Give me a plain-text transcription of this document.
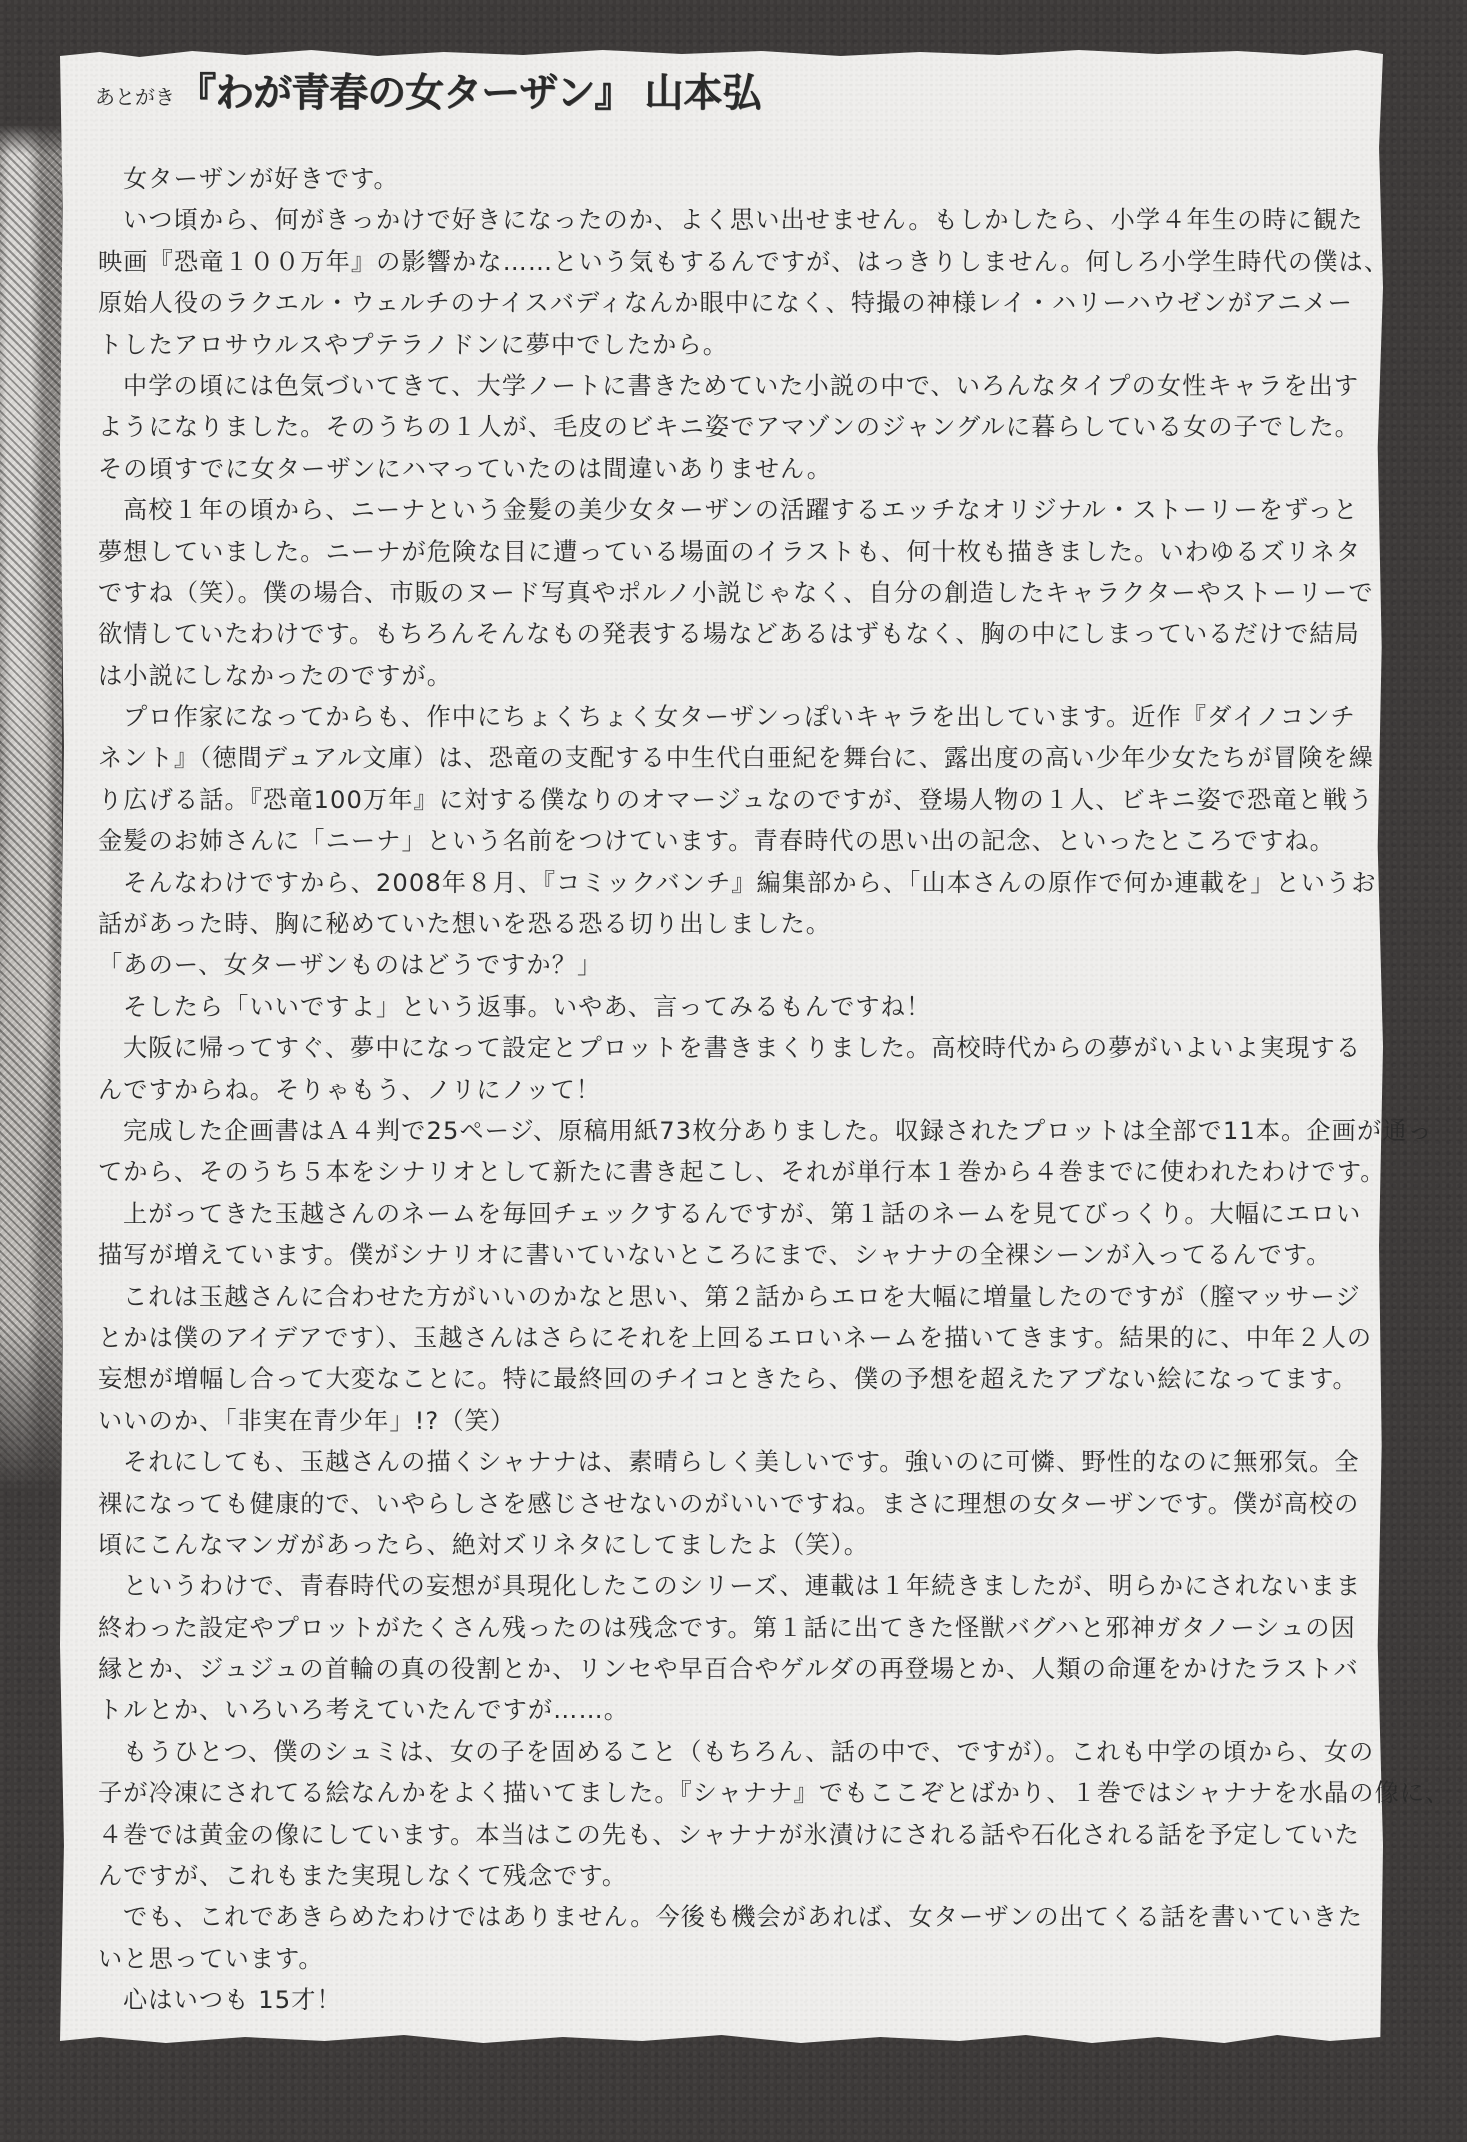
あとがき 『わが青春の女ターザン』 山本弘
女ターザンが好きです。
いつ頃から、何がきっかけで好きになったのか、よく思い出せません。もしかしたら、小学４年生の時に観た
映画『恐竜１００万年』の影響かな……という気もするんですが、はっきりしません。何しろ小学生時代の僕は、
原始人役のラクエル・ウェルチのナイスバディなんか眼中になく、特撮の神様レイ・ハリーハウゼンがアニメー
トしたアロサウルスやプテラノドンに夢中でしたから。
中学の頃には色気づいてきて、大学ノートに書きためていた小説の中で、いろんなタイプの女性キャラを出す
ようになりました。そのうちの１人が、毛皮のビキニ姿でアマゾンのジャングルに暮らしている女の子でした。
その頃すでに女ターザンにハマっていたのは間違いありません。
高校１年の頃から、ニーナという金髪の美少女ターザンの活躍するエッチなオリジナル・ストーリーをずっと
夢想していました。ニーナが危険な目に遭っている場面のイラストも、何十枚も描きました。いわゆるズリネタ
ですね（笑）。僕の場合、市販のヌード写真やポルノ小説じゃなく、自分の創造したキャラクターやストーリーで
欲情していたわけです。もちろんそんなもの発表する場などあるはずもなく、胸の中にしまっているだけで結局
は小説にしなかったのですが。
プロ作家になってからも、作中にちょくちょく女ターザンっぽいキャラを出しています。近作『ダイノコンチ
ネント』（徳間デュアル文庫）は、恐竜の支配する中生代白亜紀を舞台に、露出度の高い少年少女たちが冒険を繰
り広げる話。『恐竜100万年』に対する僕なりのオマージュなのですが、登場人物の１人、ビキニ姿で恐竜と戦う
金髪のお姉さんに「ニーナ」という名前をつけています。青春時代の思い出の記念、といったところですね。
そんなわけですから、2008年８月、『コミックバンチ』編集部から、「山本さんの原作で何か連載を」というお
話があった時、胸に秘めていた想いを恐る恐る切り出しました。
「あのー、女ターザンものはどうですか？」
そしたら「いいですよ」という返事。いやあ、言ってみるもんですね！
大阪に帰ってすぐ、夢中になって設定とプロットを書きまくりました。高校時代からの夢がいよいよ実現する
んですからね。そりゃもう、ノリにノッて！
完成した企画書はＡ４判で25ページ、原稿用紙73枚分ありました。収録されたプロットは全部で11本。企画が通っ
てから、そのうち５本をシナリオとして新たに書き起こし、それが単行本１巻から４巻までに使われたわけです。
上がってきた玉越さんのネームを毎回チェックするんですが、第１話のネームを見てびっくり。大幅にエロい
描写が増えています。僕がシナリオに書いていないところにまで、シャナナの全裸シーンが入ってるんです。
これは玉越さんに合わせた方がいいのかなと思い、第２話からエロを大幅に増量したのですが（膣マッサージ
とかは僕のアイデアです）、玉越さんはさらにそれを上回るエロいネームを描いてきます。結果的に、中年２人の
妄想が増幅し合って大変なことに。特に最終回のチイコときたら、僕の予想を超えたアブない絵になってます。
いいのか、「非実在青少年」!?（笑）
それにしても、玉越さんの描くシャナナは、素晴らしく美しいです。強いのに可憐、野性的なのに無邪気。全
裸になっても健康的で、いやらしさを感じさせないのがいいですね。まさに理想の女ターザンです。僕が高校の
頃にこんなマンガがあったら、絶対ズリネタにしてましたよ（笑）。
というわけで、青春時代の妄想が具現化したこのシリーズ、連載は１年続きましたが、明らかにされないまま
終わった設定やプロットがたくさん残ったのは残念です。第１話に出てきた怪獣バグハと邪神ガタノーシュの因
縁とか、ジュジュの首輪の真の役割とか、リンセや早百合やゲルダの再登場とか、人類の命運をかけたラストバ
トルとか、いろいろ考えていたんですが……。
もうひとつ、僕のシュミは、女の子を固めること（もちろん、話の中で、ですが）。これも中学の頃から、女の
子が冷凍にされてる絵なんかをよく描いてました。『シャナナ』でもここぞとばかり、１巻ではシャナナを水晶の像に、
４巻では黄金の像にしています。本当はこの先も、シャナナが氷漬けにされる話や石化される話を予定していた
んですが、これもまた実現しなくて残念です。
でも、これであきらめたわけではありません。今後も機会があれば、女ターザンの出てくる話を書いていきた
いと思っています。
心はいつも 15才！
